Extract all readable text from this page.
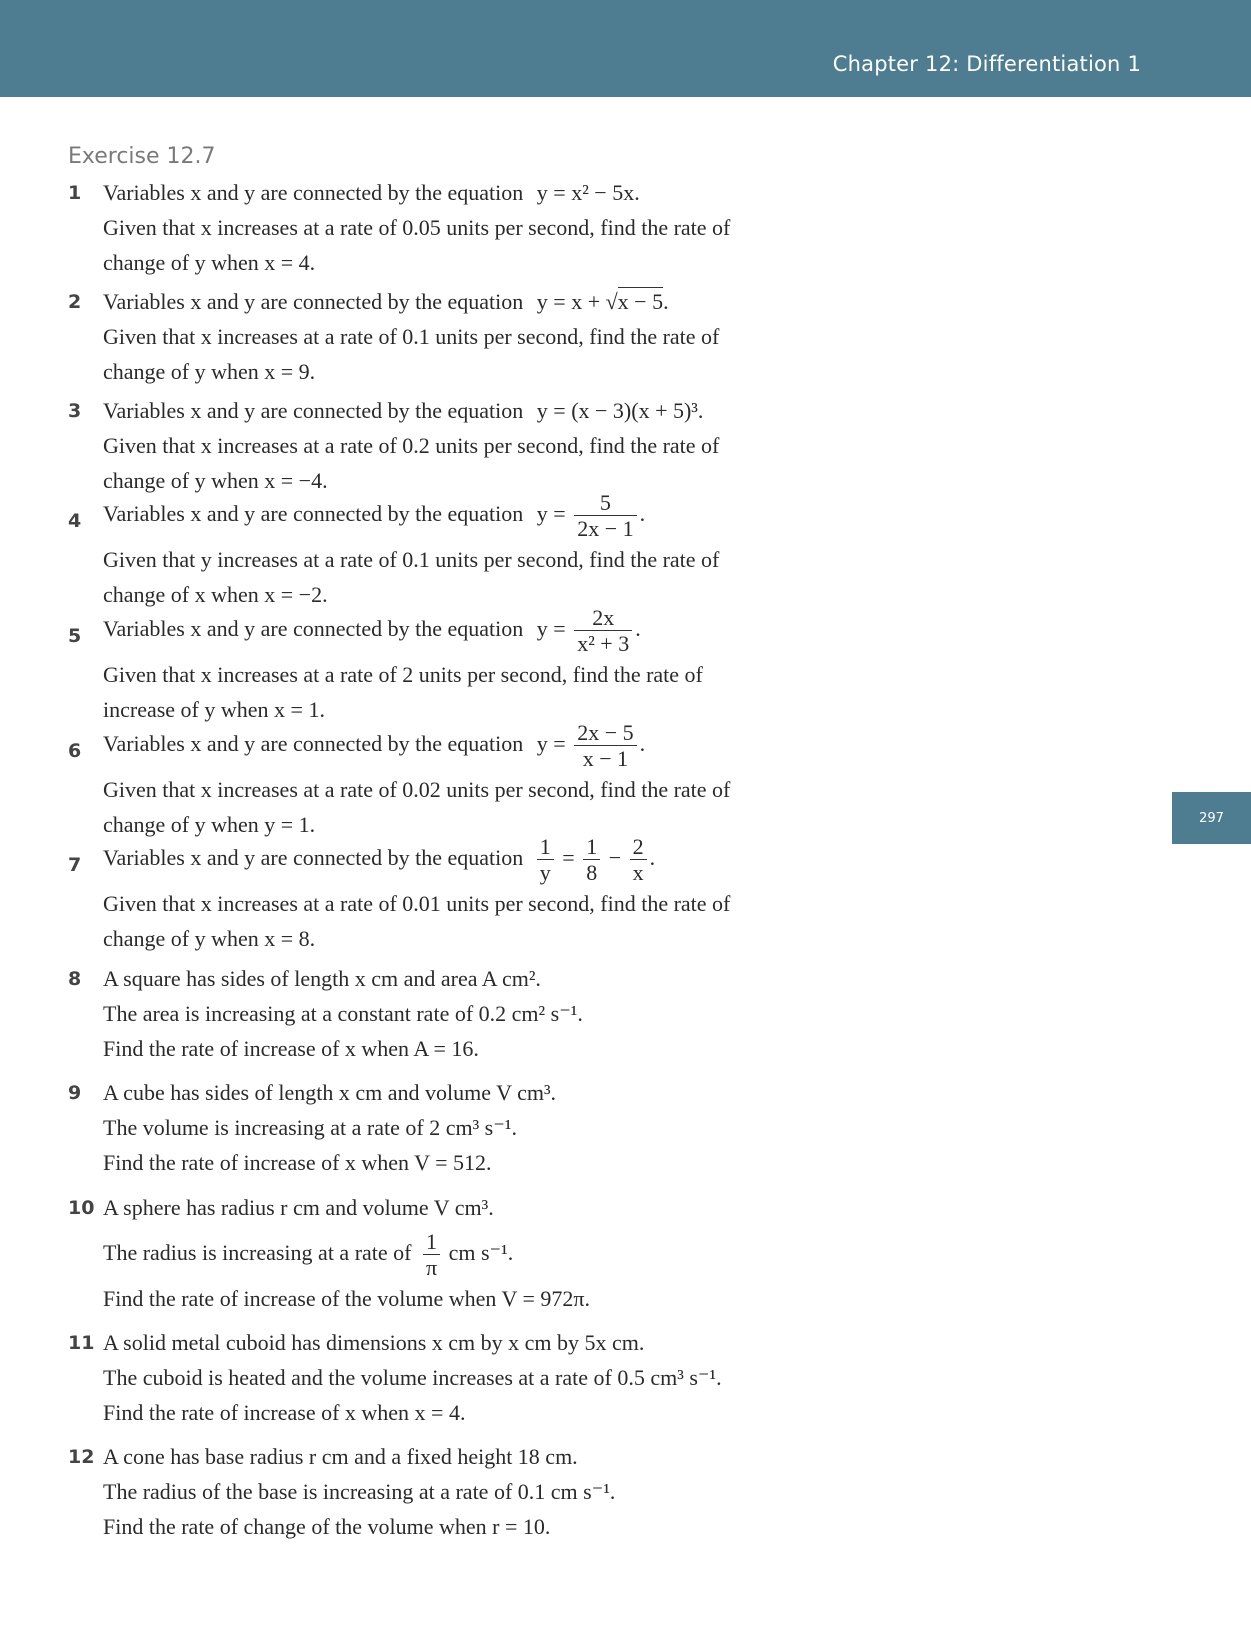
Chapter 12: Differentiation 1
297
Exercise 12.7
1 Variables x and y are connected by the equation y = x² − 5x.
Given that x increases at a rate of 0.05 units per second, find the rate of
change of y when x = 4.
2 Variables x and y are connected by the equation y = x + √x − 5.
Given that x increases at a rate of 0.1 units per second, find the rate of
change of y when x = 9.
3 Variables x and y are connected by the equation y = (x − 3)(x + 5)³.
Given that x increases at a rate of 0.2 units per second, find the rate of
change of y when x = −4.
4 Variables x and y are connected by the equation $y = \frac{5}{2x - 1}$ .
Given that y increases at a rate of 0.1 units per second, find the rate of
change of x when x = −2.
5 Variables x and y are connected by the equation $y = \frac{2x}{\text{x² + 3}}$ .
Given that x increases at a rate of 2 units per second, find the rate of
increase of y when x = 1.
6 Variables x and y are connected by the equation $y = \frac{2x - 5}{x - 1}$ .
Given that x increases at a rate of 0.02 units per second, find the rate of
change of y when y = 1.
7 Variables x and y are connected by the equation $\frac{1}{y} = \frac{1}{8} - \frac{2}{x}$ .
Given that x increases at a rate of 0.01 units per second, find the rate of
change of y when x = 8.
8 A square has sides of length x cm and area A cm².
The area is increasing at a constant rate of 0.2 cm² s⁻¹.
Find the rate of increase of x when A = 16.
9 A cube has sides of length x cm and volume V cm³.
The volume is increasing at a rate of 2 cm³ s⁻¹.
Find the rate of increase of x when V = 512.
10 A sphere has radius r cm and volume V cm³.
The radius is increasing at a rate of $\frac{1}{\pi}$ cm s⁻¹.
Find the rate of increase of the volume when V = 972π.
11 A solid metal cuboid has dimensions x cm by x cm by 5x cm.
The cuboid is heated and the volume increases at a rate of 0.5 cm³ s⁻¹.
Find the rate of increase of x when x = 4.
12 A cone has base radius r cm and a fixed height 18 cm.
The radius of the base is increasing at a rate of 0.1 cm s⁻¹.
Find the rate of change of the volume when r = 10.
